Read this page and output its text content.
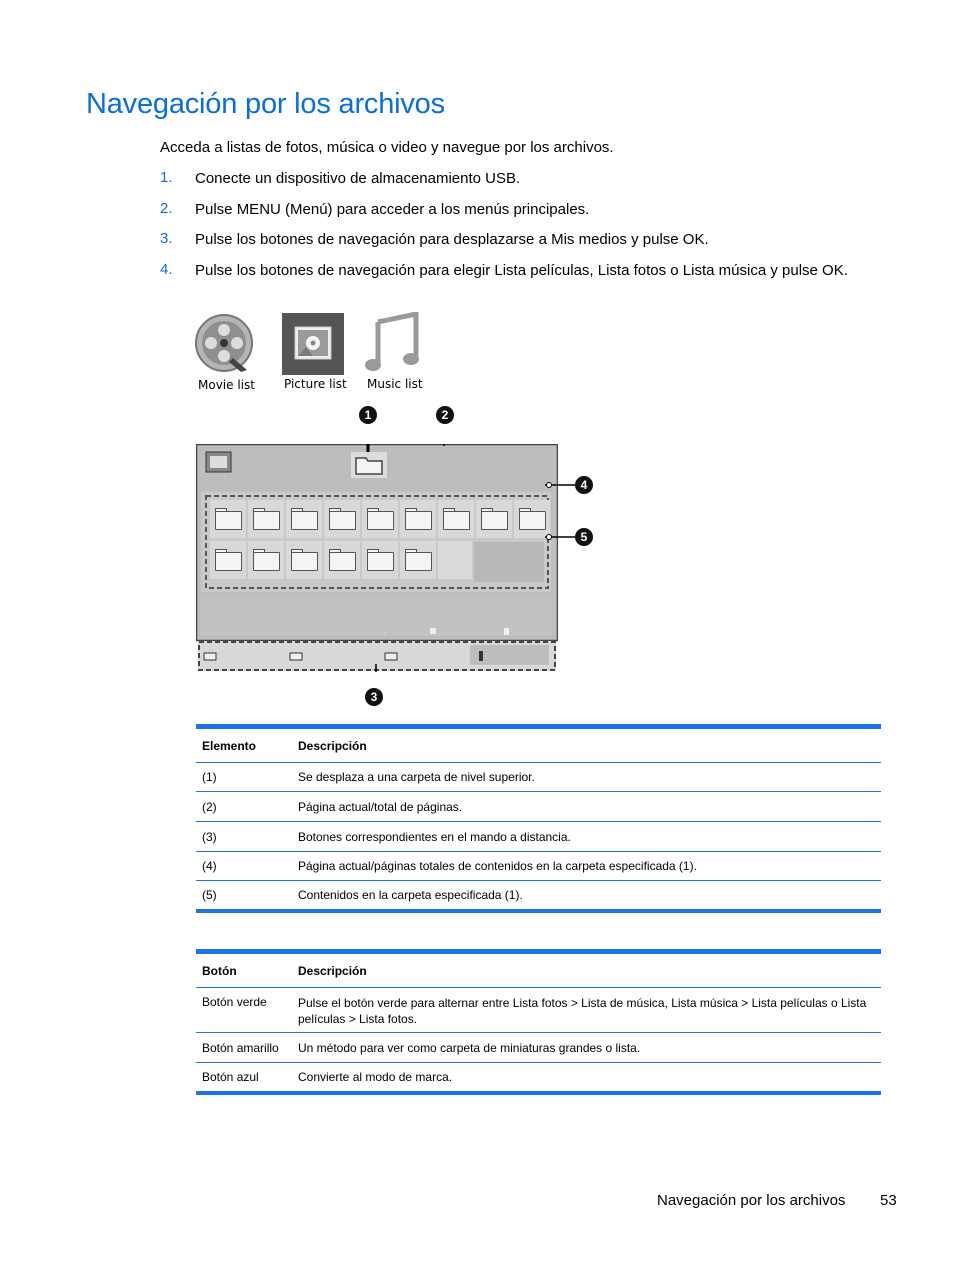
Navegación por los archivos
Acceda a listas de fotos, música o video y navegue por los archivos.
1. Conecte un dispositivo de almacenamiento USB.
2. Pulse MENU (Menú) para acceder a los menús principales.
3. Pulse los botones de navegación para desplazarse a Mis medios y pulse OK.
4. Pulse los botones de navegación para elegir Lista películas, Lista fotos o Lista música y pulse OK.
Movie list Picture list Music list
:
1	2
3
4
5
Elemento	Descripción
(1)	Se desplaza a una carpeta de nivel superior.
(2)	Página actual/total de páginas.
(3)	Botones correspondientes en el mando a distancia.
(4)	Página actual/páginas totales de contenidos en la carpeta especificada (1).
(5)	Contenidos en la carpeta especificada (1).
Botón	Descripción
Botón verde	Pulse el botón verde para alternar entre Lista fotos > Lista de música, Lista música > Lista películas o Lista películas > Lista fotos.
Botón amarillo	Un método para ver como carpeta de miniaturas grandes o lista.
Botón azul	Convierte al modo de marca.
Navegación por los archivos 53
